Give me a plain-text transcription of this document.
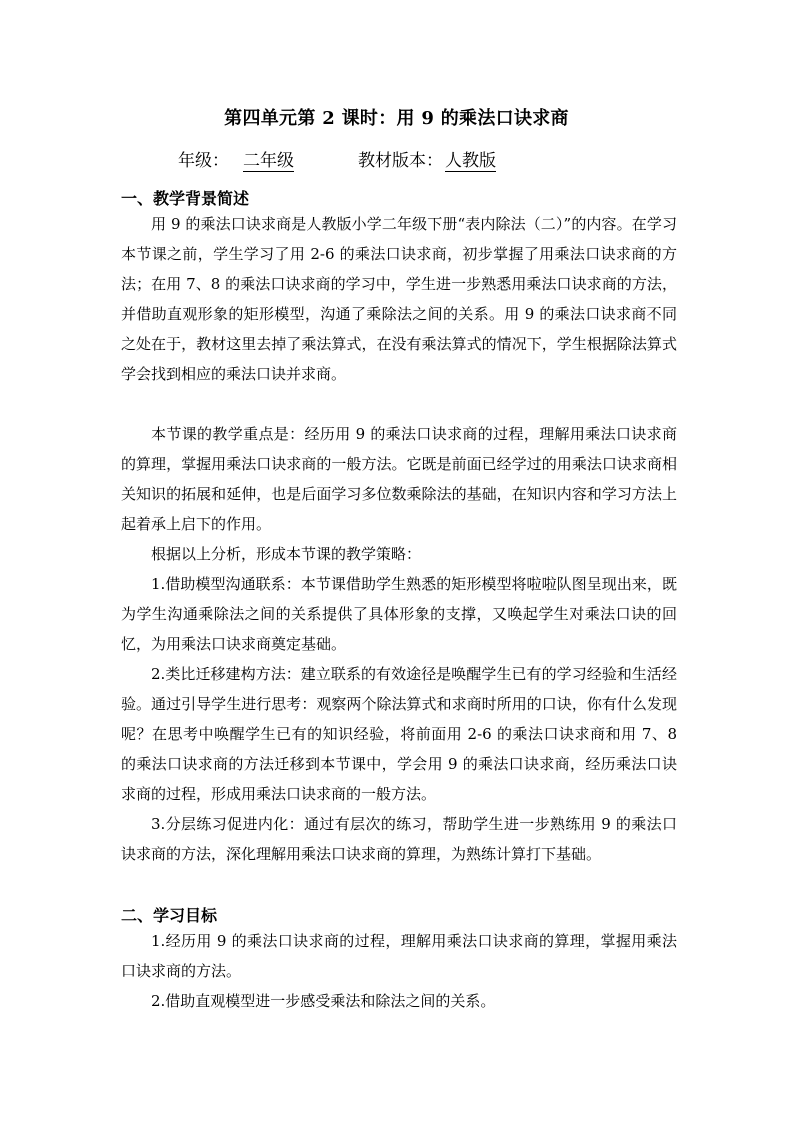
第四单元第 2 课时：用 9 的乘法口诀求商
年级： 二年级	教材版本： 人教版
一、教学背景简述

用 9 的乘法口诀求商是人教版小学二年级下册“表内除法（二）”的内容。在学习本节课之前，学生学习了用 2-6 的乘法口诀求商，初步掌握了用乘法口诀求商的方法；在用 7、8 的乘法口诀求商的学习中，学生进一步熟悉用乘法口诀求商的方法，并借助直观形象的矩形模型，沟通了乘除法之间的关系。用 9 的乘法口诀求商不同之处在于，教材这里去掉了乘法算式，在没有乘法算式的情况下，学生根据除法算式学会找到相应的乘法口诀并求商。

本节课的教学重点是：经历用 9 的乘法口诀求商的过程，理解用乘法口诀求商的算理，掌握用乘法口诀求商的一般方法。它既是前面已经学过的用乘法口诀求商相关知识的拓展和延伸，也是后面学习多位数乘除法的基础，在知识内容和学习方法上起着承上启下的作用。

根据以上分析，形成本节课的教学策略：

1.借助模型沟通联系：本节课借助学生熟悉的矩形模型将啦啦队图呈现出来，既为学生沟通乘除法之间的关系提供了具体形象的支撑，又唤起学生对乘法口诀的回忆，为用乘法口诀求商奠定基础。

2.类比迁移建构方法：建立联系的有效途径是唤醒学生已有的学习经验和生活经验。通过引导学生进行思考：观察两个除法算式和求商时所用的口诀，你有什么发现呢？在思考中唤醒学生已有的知识经验，将前面用 2-6 的乘法口诀求商和用 7、8 的乘法口诀求商的方法迁移到本节课中，学会用 9 的乘法口诀求商，经历乘法口诀求商的过程，形成用乘法口诀求商的一般方法。

3.分层练习促进内化：通过有层次的练习，帮助学生进一步熟练用 9 的乘法口诀求商的方法，深化理解用乘法口诀求商的算理，为熟练计算打下基础。

二、学习目标

1.经历用 9 的乘法口诀求商的过程，理解用乘法口诀求商的算理，掌握用乘法口诀求商的方法。

2.借助直观模型进一步感受乘法和除法之间的关系。
